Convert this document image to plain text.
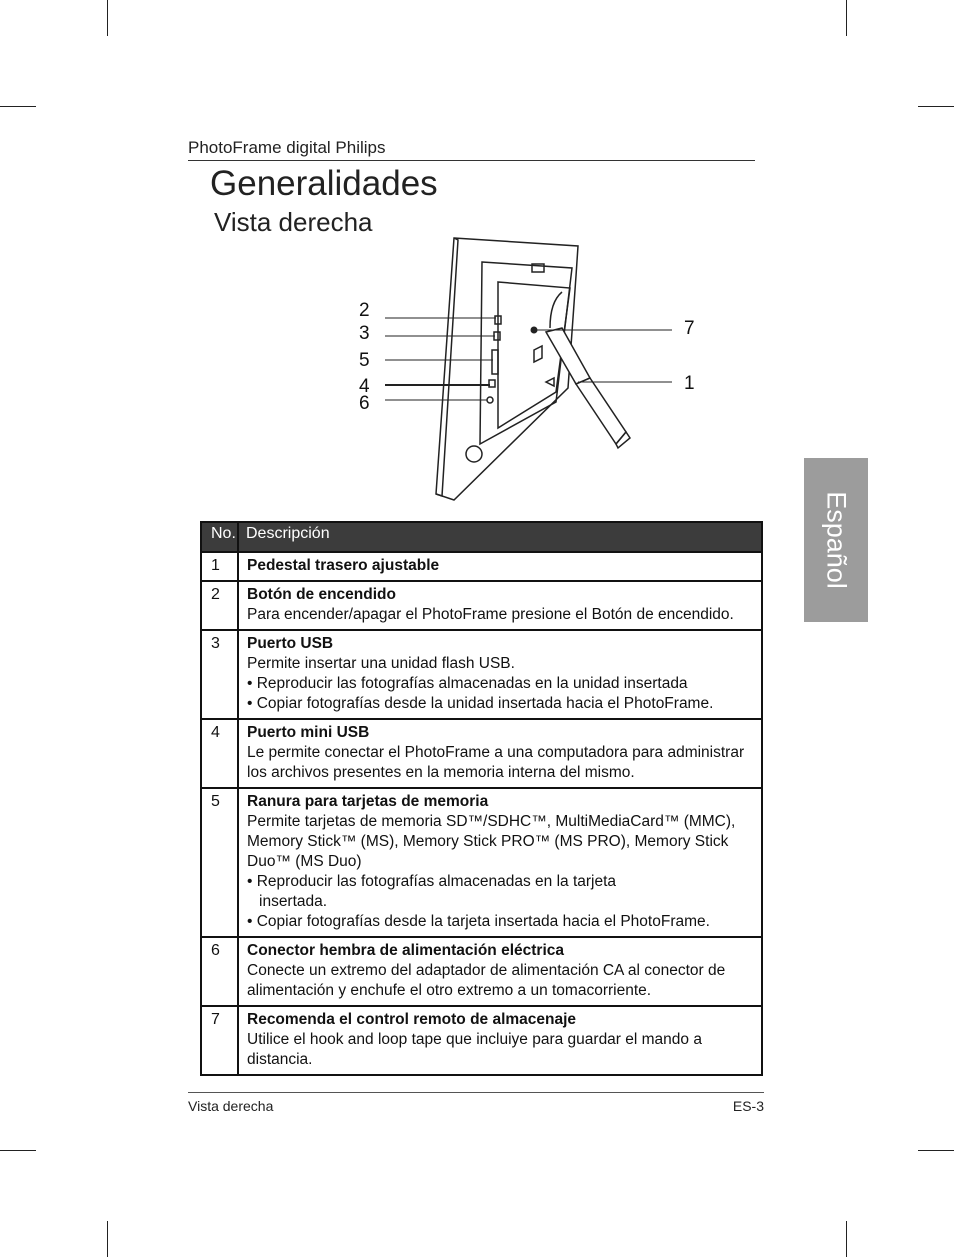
PhotoFrame digital Philips
Generalidades
Vista derecha
2
3
5
4
6
7
1
Español
No.	Descripción
1	Pedestal trasero ajustable
2	Botón de encendido
Para encender/apagar el PhotoFrame presione el Botón de encendido.

3	Puerto USB
Permite insertar una unidad flash USB.
• Reproducir las fotografías almacenadas en la unidad insertada
• Copiar fotografías desde la unidad insertada hacia el PhotoFrame.

4	Puerto mini USB
Le permite conectar el PhotoFrame a una computadora para administrar los archivos presentes en la memoria interna del mismo.

5	Ranura para tarjetas de memoria
Permite tarjetas de memoria SD™/SDHC™, MultiMediaCard™ (MMC), Memory Stick™ (MS), Memory Stick PRO™ (MS PRO), Memory Stick Duo™ (MS Duo)
• Reproducir las fotografías almacenadas en la tarjeta insertada.
• Copiar fotografías desde la tarjeta insertada hacia el PhotoFrame.

6	Conector hembra de alimentación eléctrica
Conecte un extremo del adaptador de alimentación CA al conector de alimentación y enchufe el otro extremo a un tomacorriente.

7	Recomenda el control remoto de almacenaje
Utilice el hook and loop tape que incluiye para guardar el mando a distancia.
Vista derecha	ES-3
